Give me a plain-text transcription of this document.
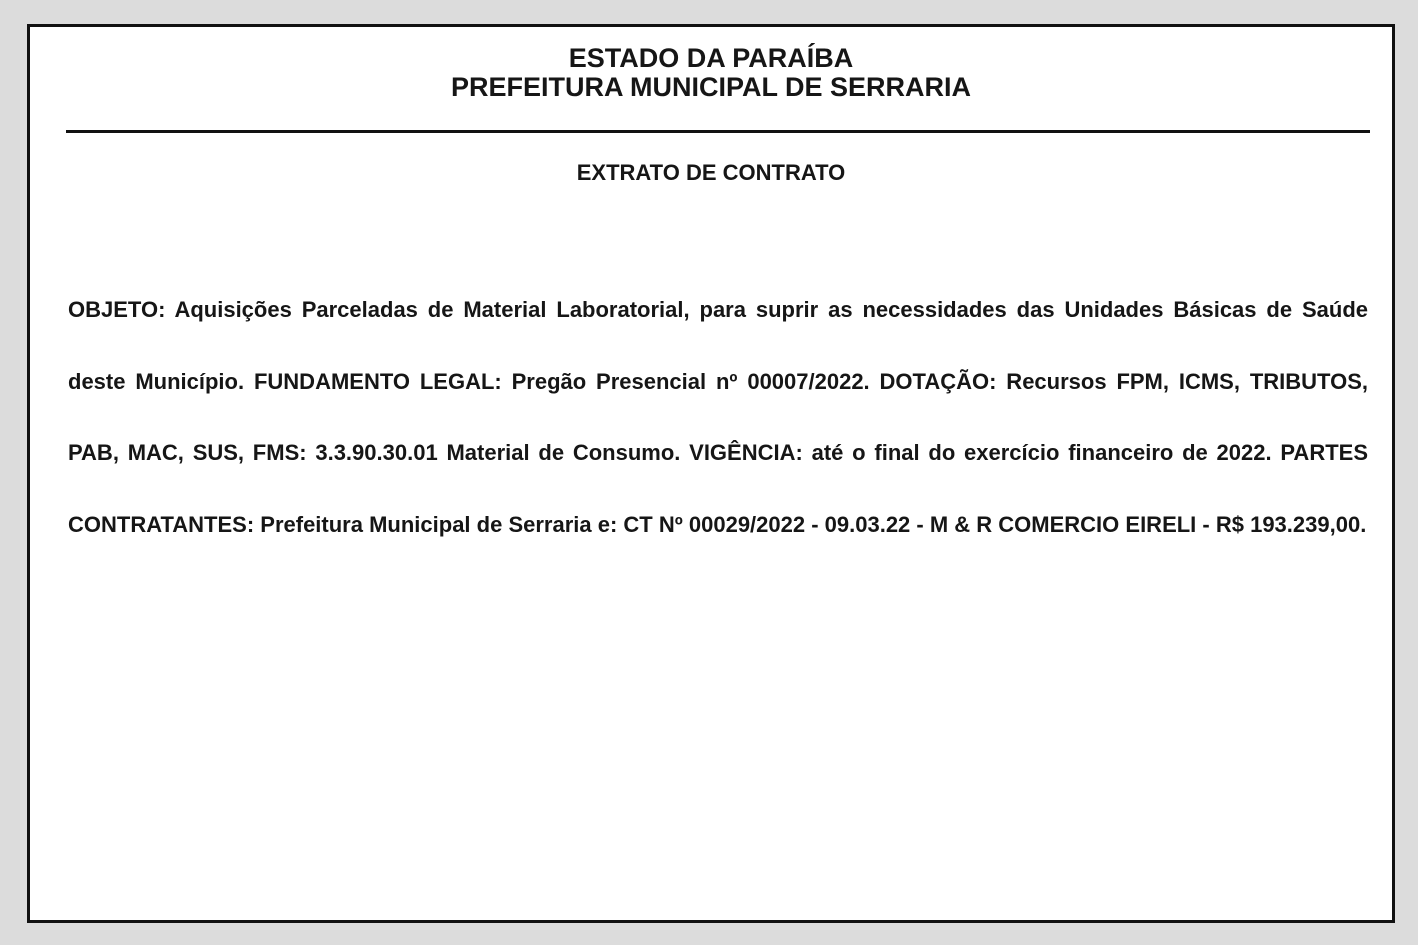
ESTADO DA PARAÍBA
PREFEITURA MUNICIPAL DE SERRARIA
EXTRATO DE CONTRATO

OBJETO: Aquisições Parceladas de Material Laboratorial, para suprir as necessidades das Unidades Básicas de Saúde deste Município. FUNDAMENTO LEGAL: Pregão Presencial nº 00007/2022. DOTAÇÃO: Recursos FPM, ICMS, TRIBUTOS, PAB, MAC, SUS, FMS: 3.3.90.30.01 Material de Consumo. VIGÊNCIA: até o final do exercício financeiro de 2022. PARTES CONTRATANTES: Prefeitura Municipal de Serraria e: CT Nº 00029/2022 - 09.03.22 - M & R COMERCIO EIRELI - R$ 193.239,00.
